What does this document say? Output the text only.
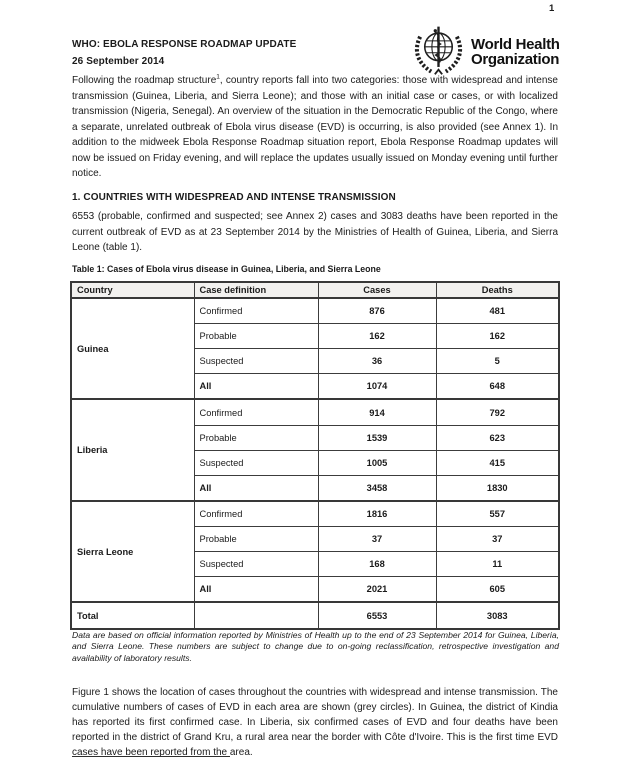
1
WHO: EBOLA RESPONSE ROADMAP UPDATE
26 September 2014
World Health
Organization

Following the roadmap structure$^1$, country reports fall into two categories: those with widespread and intense transmission (Guinea, Liberia, and Sierra Leone); and those with an initial case or cases, or with localized transmission (Nigeria, Senegal). An overview of the situation in the Democratic Republic of the Congo, where a separate, unrelated outbreak of Ebola virus disease (EVD) is occurring, is also provided (see Annex 1). In addition to the midweek Ebola Response Roadmap situation report, Ebola Response Roadmap updates will now be issued on Friday evening, and will replace the updates usually issued on Monday evening until further notice.

1. COUNTRIES WITH WIDESPREAD AND INTENSE TRANSMISSION

6553 (probable, confirmed and suspected; see Annex 2) cases and 3083 deaths have been reported in the current outbreak of EVD as at 23 September 2014 by the Ministries of Health of Guinea, Liberia, and Sierra Leone (table 1).

Table 1: Cases of Ebola virus disease in Guinea, Liberia, and Sierra Leone
Country	Case definition	Cases	Deaths
Guinea	Confirmed	876	481
	Probable	162	162
	Suspected	36	5
	All	1074	648
Liberia	Confirmed	914	792
	Probable	1539	623
	Suspected	1005	415
	All	3458	1830
Sierra Leone	Confirmed	1816	557
	Probable	37	37
	Suspected	168	11
	All	2021	605
Total		6553	3083

Data are based on official information reported by Ministries of Health up to the end of 23 September 2014 for Guinea, Liberia, and Sierra Leone. These numbers are subject to change due to on-going reclassification, retrospective investigation and availability of laboratory results.

Figure 1 shows the location of cases throughout the countries with widespread and intense transmission. The cumulative numbers of cases of EVD in each area are shown (grey circles). In Guinea, the district of Kindia has reported its first confirmed case. In Liberia, six confirmed cases of EVD and four deaths have been reported in the district of Grand Kru, a rural area near the border with Côte d'Ivoire. This is the first time EVD cases have been reported from the area.
